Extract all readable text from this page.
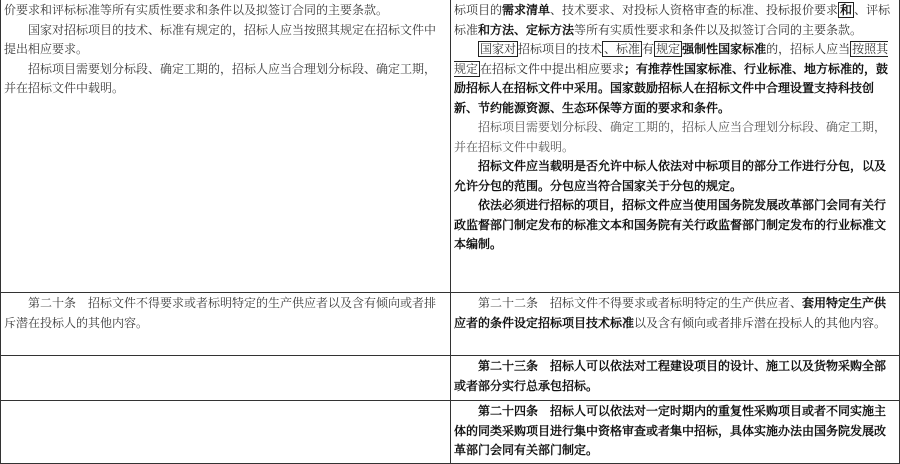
价要求和评标标准等所有实质性要求和条件以及拟签订合同的主要条款。

国家对招标项目的技术、标准有规定的，招标人应当按照其规定在招标文件中提出相应要求。

招标项目需要划分标段、确定工期的，招标人应当合理划分标段、确定工期，并在招标文件中载明。

标项目的需求清单、技术要求、对投标人资格审查的标准、投标报价要求 和 、评标标准和方法、定标方法等所有实质性要求和条件以及拟签订合同的主要条款。

国家对 招标项目的技术 、标准 有 规定 强制性国家标准的，招标人应当 按照其规定 在招标文件中提出相应要求；有推荐性国家标准、行业标准、地方标准的，鼓励招标人在招标文件中采用。国家鼓励招标人在招标文件中合理设置支持科技创新、节约能源资源、生态环保等方面的要求和条件。

招标项目需要划分标段、确定工期的，招标人应当合理划分标段、确定工期，并在招标文件中载明。

招标文件应当载明是否允许中标人依法对中标项目的部分工作进行分包，以及允许分包的范围。分包应当符合国家关于分包的规定。

依法必须进行招标的项目，招标文件应当使用国务院发展改革部门会同有关行政监督部门制定发布的标准文本和国务院有关行政监督部门制定发布的行业标准文本编制。

第二十条　招标文件不得要求或者标明特定的生产供应者以及含有倾向或者排斥潜在投标人的其他内容。

第二十二条　招标文件不得要求或者标明特定的生产供应者、套用特定生产供应者的条件设定招标项目技术标准以及含有倾向或者排斥潜在投标人的其他内容。

第二十三条　招标人可以依法对工程建设项目的设计、施工以及货物采购全部或者部分实行总承包招标。

第二十四条　招标人可以依法对一定时期内的重复性采购项目或者不同实施主体的同类采购项目进行集中资格审查或者集中招标，具体实施办法由国务院发展改革部门会同有关部门制定。
